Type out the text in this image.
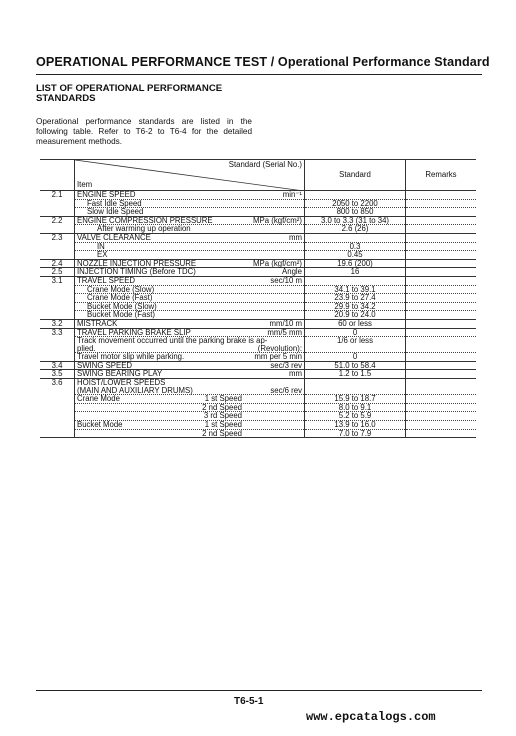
OPERATIONAL PERFORMANCE TEST / Operational Performance Standard
LIST OF OPERATIONAL PERFORMANCE STANDARDS
Operational performance standards are listed in the following table. Refer to T6-2 to T6-4 for the detailed measurement methods.

	Standard (Serial No.)
Item	Standard	Remarks
2.1	ENGINE SPEED min⁻¹		

	Fast Idle Speed	2050 to 2200	
	Slow Idle Speed	800 to 850	
2.2	ENGINE COMPRESSION PRESSURE MPa (kgf/cm²)	3.0 to 3.3 (31 to 34)	
	After warming up operation	2.6 (26)	
2.3	VALVE CLEARANCE mm		

	IN	0.3	
	EX	0.45	
2.4	NOZZLE INJECTION PRESSURE MPa (kgf/cm²)	19.6 (200)	
2.5	INJECTION TIMING (Before TDC) Angle	16	
3.1	TRAVEL SPEED sec/10 m		

	Crane Mode (Slow)	34.1 to 39.1	
	Crane Mode (Fast)	23.9 to 27.4	
	Bucket Mode (Slow)	29.9 to 34.2	
	Bucket Mode (Fast)	20.9 to 24.0	
3.2	MISTRACK mm/10 m	60 or less	
3.3	TRAVEL PARKING BRAKE SLIP mm/5 mm	0	
	Track movement occurred until the parking brake is ap-	1/6 or less	
	plied. (Revolution):		

	Travel motor slip while parking. mm per 5 min	0	
3.4	SWING SPEED sec/3 rev	51.0 to 58.4	
3.5	SWING BEARING PLAY mm	1.2 to 1.5	
3.6	HOIST/LOWER SPEEDS

	(MAIN AND AUXILIARY DRUMS) sec/6 rev		

	Crane Mode 1 st Speed	15.9 to 18.7	

	2 nd Speed	8.0 to 9.1	

	3 rd Speed	5.2 to 5.9	
	Bucket Mode 1 st Speed	13.9 to 16.0	

	2 nd Speed	7.0 to 7.9	
T6-5-1
www.epcatalogs.com
